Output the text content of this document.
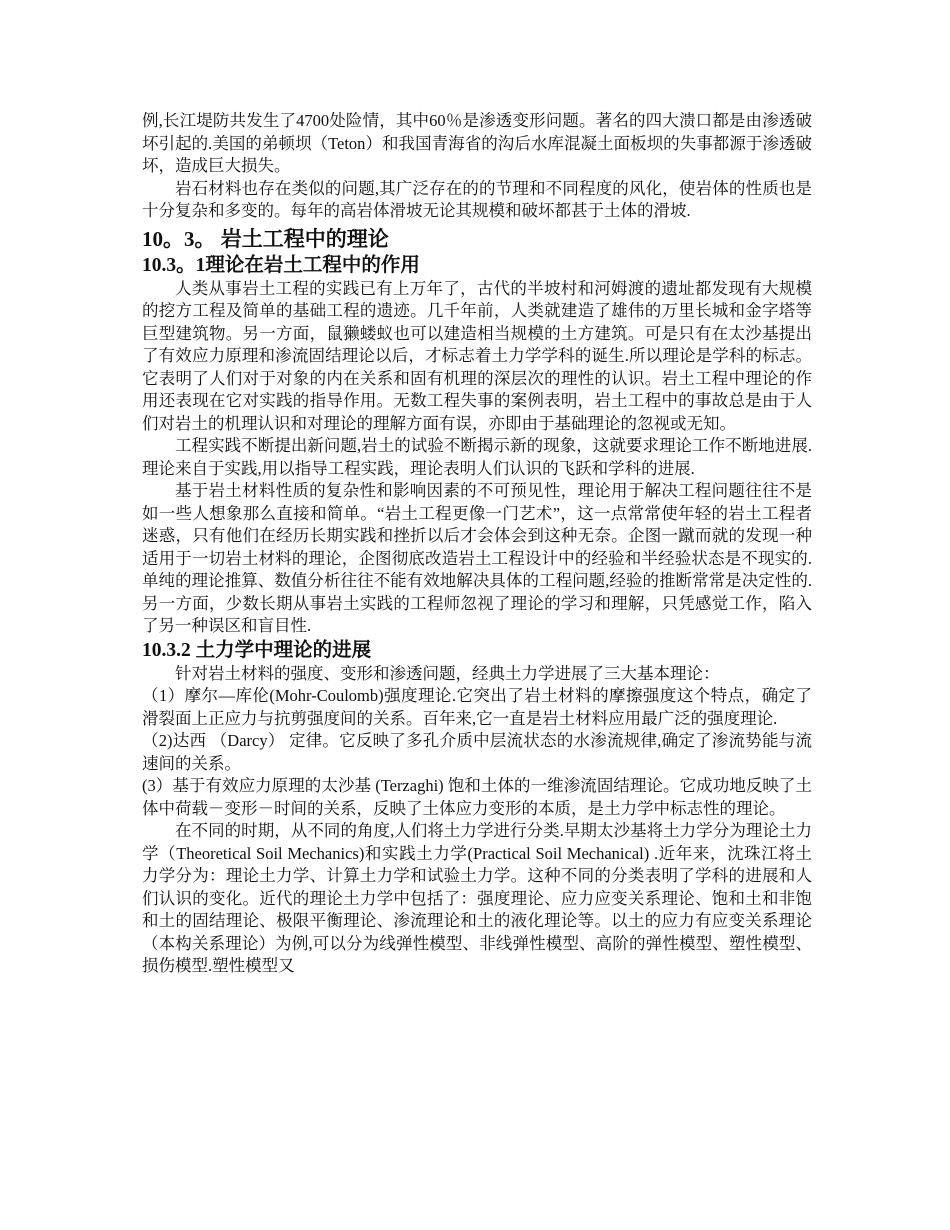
例,长江堤防共发生了4700处险情，其中60％是渗透变形问题。著名的四大溃口都是由渗透破坏引起的.美国的弟顿坝（Teton）和我国青海省的沟后水库混凝土面板坝的失事都源于渗透破坏，造成巨大损失。

岩石材料也存在类似的问题,其广泛存在的的节理和不同程度的风化，使岩体的性质也是十分复杂和多变的。每年的高岩体滑坡无论其规模和破坏都甚于土体的滑坡.

10。3。 岩土工程中的理论
10.3。1理论在岩土工程中的作用

人类从事岩土工程的实践已有上万年了，古代的半坡村和河姆渡的遗址都发现有大规模的挖方工程及简单的基础工程的遗迹。几千年前，人类就建造了雄伟的万里长城和金字塔等巨型建筑物。另一方面，鼠獭蝼蚁也可以建造相当规模的土方建筑。可是只有在太沙基提出了有效应力原理和渗流固结理论以后，才标志着土力学学科的诞生.所以理论是学科的标志。它表明了人们对于对象的内在关系和固有机理的深层次的理性的认识。岩土工程中理论的作用还表现在它对实践的指导作用。无数工程失事的案例表明，岩土工程中的事故总是由于人们对岩土的机理认识和对理论的理解方面有误，亦即由于基础理论的忽视或无知。

工程实践不断提出新问题,岩土的试验不断揭示新的现象，这就要求理论工作不断地进展.理论来自于实践,用以指导工程实践，理论表明人们认识的飞跃和学科的进展.

基于岩土材料性质的复杂性和影响因素的不可预见性，理论用于解决工程问题往往不是如一些人想象那么直接和简单。“岩土工程更像一门艺术”，这一点常常使年轻的岩土工程者迷惑，只有他们在经历长期实践和挫折以后才会体会到这种无奈。企图一蹴而就的发现一种适用于一切岩土材料的理论，企图彻底改造岩土工程设计中的经验和半经验状态是不现实的.单纯的理论推算、数值分析往往不能有效地解决具体的工程问题,经验的推断常常是决定性的.另一方面，少数长期从事岩土实践的工程师忽视了理论的学习和理解，只凭感觉工作，陷入了另一种误区和盲目性.

10.3.2 土力学中理论的进展

针对岩土材料的强度、变形和渗透问题，经典土力学进展了三大基本理论：

（1）摩尔—库伦(Mohr-Coulomb)强度理论.它突出了岩土材料的摩擦强度这个特点，确定了滑裂面上正应力与抗剪强度间的关系。百年来,它一直是岩土材料应用最广泛的强度理论.

（2)达西 （Darcy） 定律。它反映了多孔介质中层流状态的水渗流规律,确定了渗流势能与流速间的关系。

(3）基于有效应力原理的太沙基 (Terzaghi) 饱和土体的一维渗流固结理论。它成功地反映了土体中荷载－变形－时间的关系，反映了土体应力变形的本质，是土力学中标志性的理论。

在不同的时期，从不同的角度,人们将土力学进行分类.早期太沙基将土力学分为理论土力学（Theoretical Soil Mechanics)和实践土力学(Practical Soil Mechanical) .近年来，沈珠江将土力学分为：理论土力学、计算土力学和试验土力学。这种不同的分类表明了学科的进展和人们认识的变化。近代的理论土力学中包括了：强度理论、应力应变关系理论、饱和土和非饱和土的固结理论、极限平衡理论、渗流理论和土的液化理论等。以土的应力有应变关系理论（本构关系理论）为例,可以分为线弹性模型、非线弹性模型、高阶的弹性模型、塑性模型、损伤模型.塑性模型又
